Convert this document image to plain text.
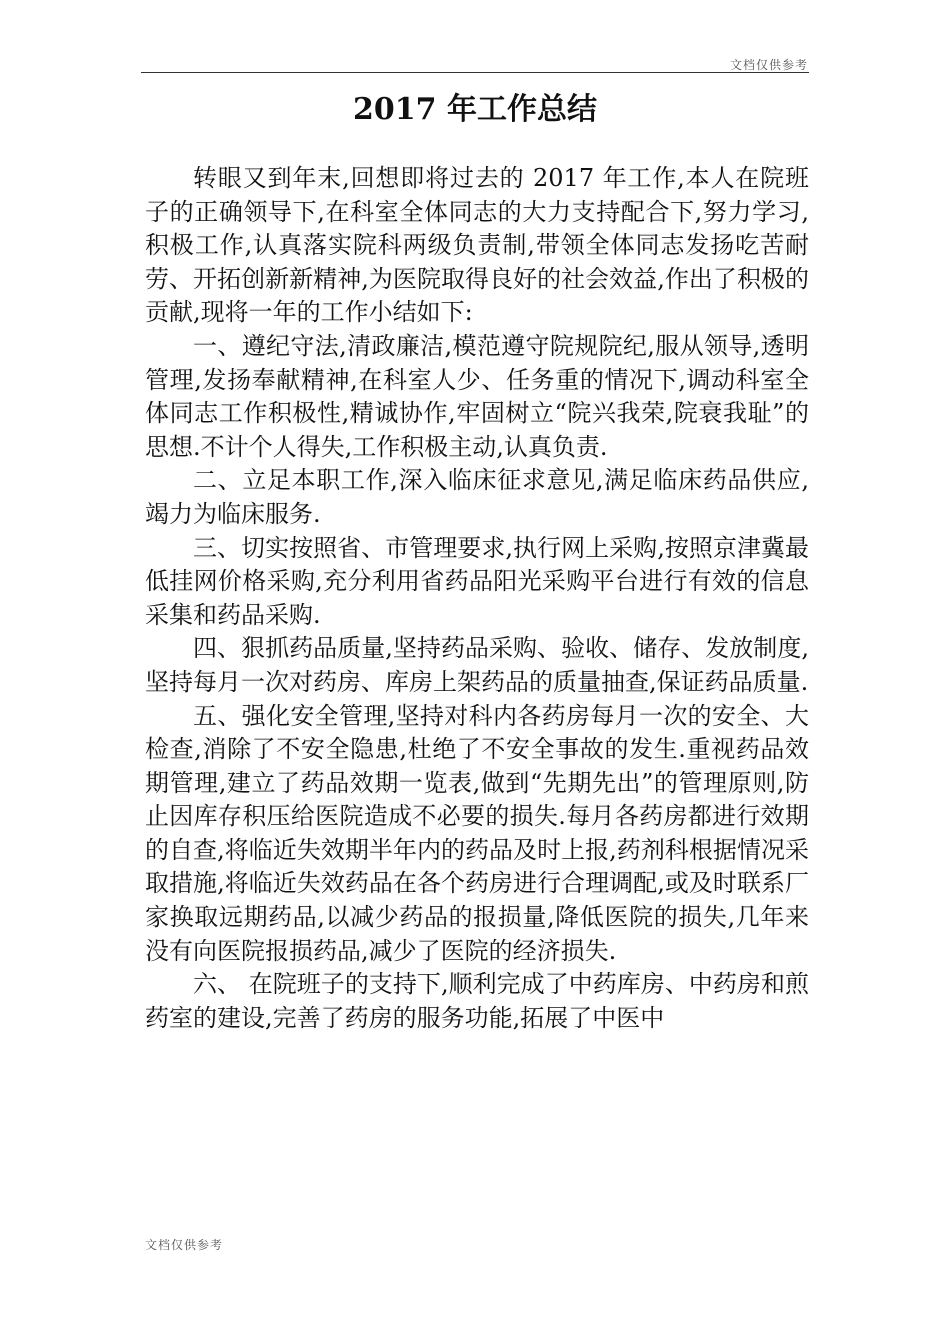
文档仅供参考
2017 年工作总结

转眼又到年末,回想即将过去的 2017 年工作,本人在院班子的正确领导下,在科室全体同志的大力支持配合下,努力学习,积极工作,认真落实院科两级负责制,带领全体同志发扬吃苦耐劳、开拓创新新精神,为医院取得良好的社会效益,作出了积极的贡献,现将一年的工作小结如下:

一、遵纪守法,清政廉洁,模范遵守院规院纪,服从领导,透明管理,发扬奉献精神,在科室人少、任务重的情况下,调动科室全体同志工作积极性,精诚协作,牢固树立“院兴我荣,院衰我耻”的思想.不计个人得失,工作积极主动,认真负责.

二、立足本职工作,深入临床征求意见,满足临床药品供应,竭力为临床服务.

三、切实按照省、市管理要求,执行网上采购,按照京津冀最低挂网价格采购,充分利用省药品阳光采购平台进行有效的信息采集和药品采购.

四、狠抓药品质量,坚持药品采购、验收、储存、发放制度,坚持每月一次对药房、库房上架药品的质量抽查,保证药品质量.

五、强化安全管理,坚持对科内各药房每月一次的安全、大检查,消除了不安全隐患,杜绝了不安全事故的发生.重视药品效期管理,建立了药品效期一览表,做到“先期先出”的管理原则,防止因库存积压给医院造成不必要的损失.每月各药房都进行效期的自查,将临近失效期半年内的药品及时上报,药剂科根据情况采取措施,将临近失效药品在各个药房进行合理调配,或及时联系厂家换取远期药品,以减少药品的报损量,降低医院的损失,几年来没有向医院报损药品,减少了医院的经济损失.

六、 在院班子的支持下,顺利完成了中药库房、中药房和煎药室的建设,完善了药房的服务功能,拓展了中医中

文档仅供参考
